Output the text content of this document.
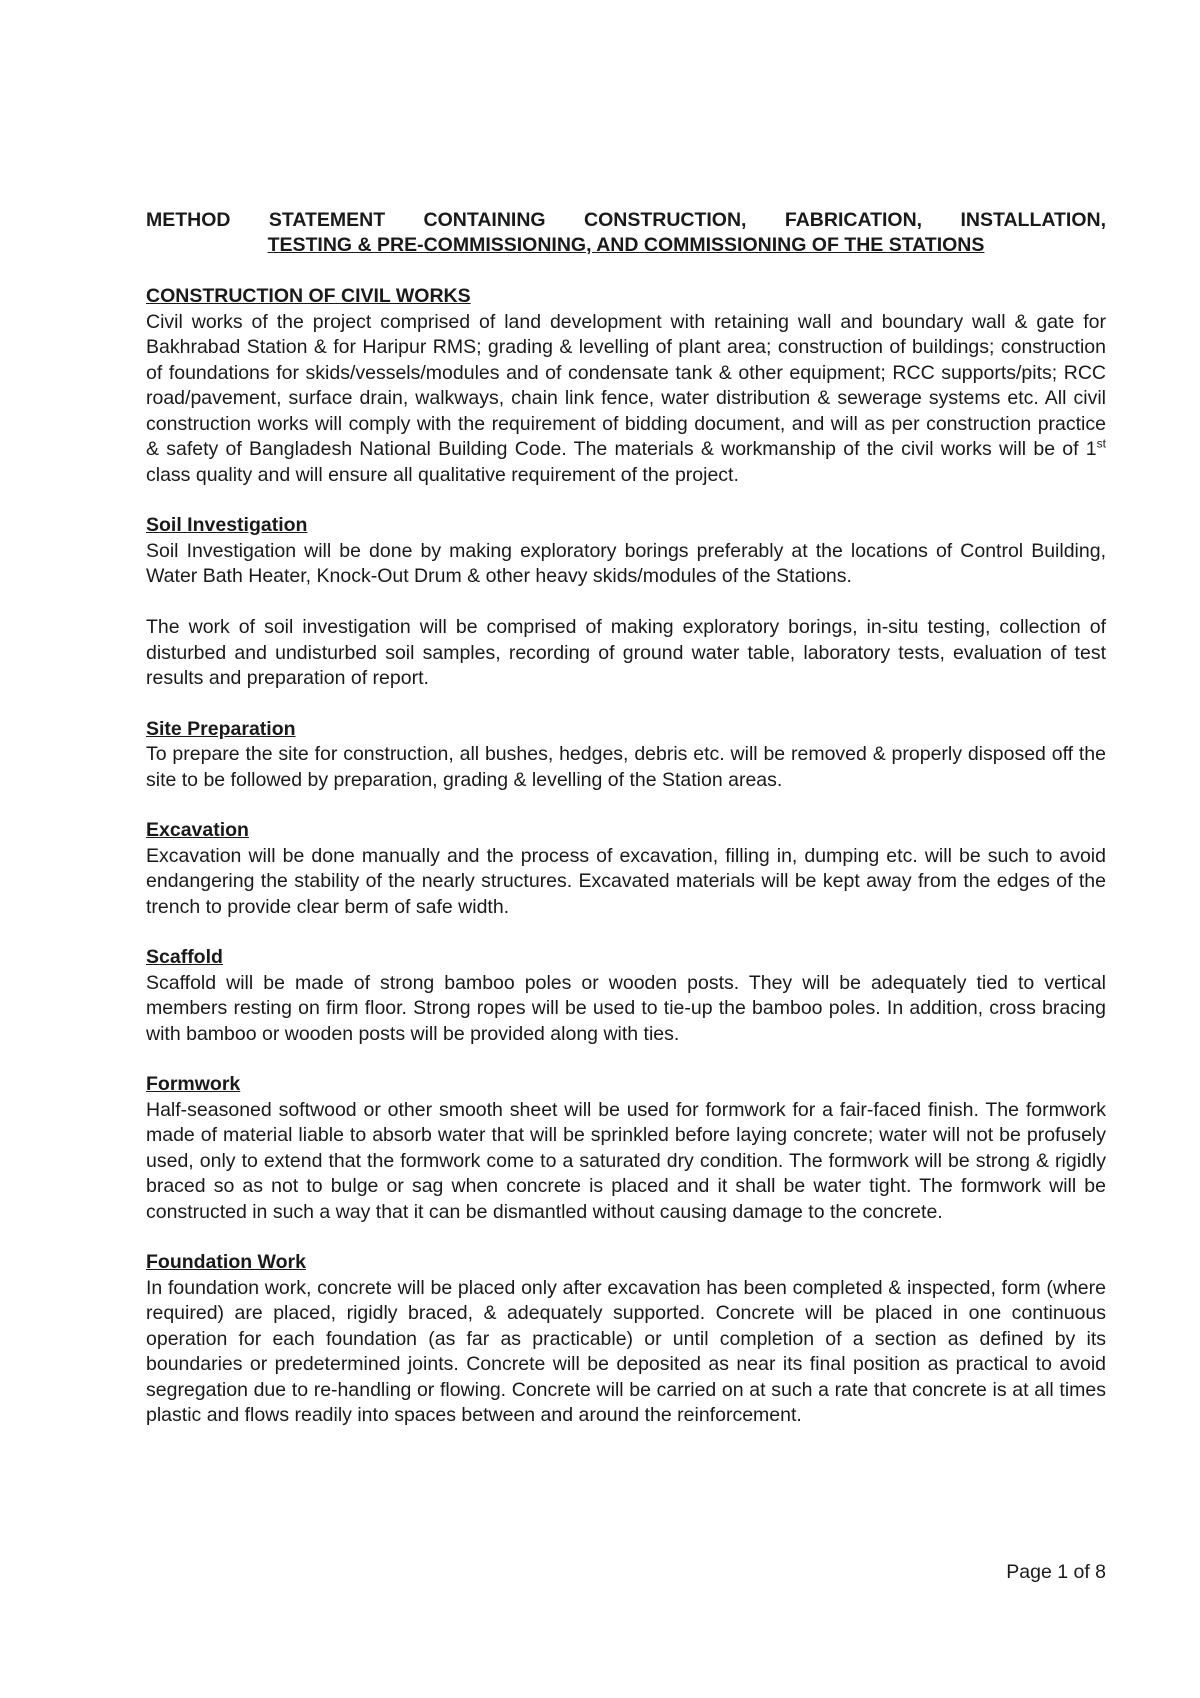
METHOD STATEMENT CONTAINING CONSTRUCTION, FABRICATION, INSTALLATION,

TESTING & PRE-COMMISSIONING, AND COMMISSIONING OF THE STATIONS

CONSTRUCTION OF CIVIL WORKS

Civil works of the project comprised of land development with retaining wall and boundary wall & gate for Bakhrabad Station & for Haripur RMS; grading & levelling of plant area; construction of buildings; construction of foundations for skids/vessels/modules and of condensate tank & other equipment; RCC supports/pits; RCC road/pavement, surface drain, walkways, chain link fence, water distribution & sewerage systems etc. All civil construction works will comply with the requirement of bidding document, and will as per construction practice & safety of Bangladesh National Building Code. The materials & workmanship of the civil works will be of 1st class quality and will ensure all qualitative requirement of the project.

Soil Investigation

Soil Investigation will be done by making exploratory borings preferably at the locations of Control Building, Water Bath Heater, Knock-Out Drum & other heavy skids/modules of the Stations.

The work of soil investigation will be comprised of making exploratory borings, in-situ testing, collection of disturbed and undisturbed soil samples, recording of ground water table, laboratory tests, evaluation of test results and preparation of report.

Site Preparation

To prepare the site for construction, all bushes, hedges, debris etc. will be removed & properly disposed off the site to be followed by preparation, grading & levelling of the Station areas.

Excavation

Excavation will be done manually and the process of excavation, filling in, dumping etc. will be such to avoid endangering the stability of the nearly structures. Excavated materials will be kept away from the edges of the trench to provide clear berm of safe width.

Scaffold

Scaffold will be made of strong bamboo poles or wooden posts. They will be adequately tied to vertical members resting on firm floor. Strong ropes will be used to tie-up the bamboo poles. In addition, cross bracing with bamboo or wooden posts will be provided along with ties.

Formwork

Half-seasoned softwood or other smooth sheet will be used for formwork for a fair-faced finish. The formwork made of material liable to absorb water that will be sprinkled before laying concrete; water will not be profusely used, only to extend that the formwork come to a saturated dry condition. The formwork will be strong & rigidly braced so as not to bulge or sag when concrete is placed and it shall be water tight. The formwork will be constructed in such a way that it can be dismantled without causing damage to the concrete.

Foundation Work

In foundation work, concrete will be placed only after excavation has been completed & inspected, form (where required) are placed, rigidly braced, & adequately supported. Concrete will be placed in one continuous operation for each foundation (as far as practicable) or until completion of a section as defined by its boundaries or predetermined joints. Concrete will be deposited as near its final position as practical to avoid segregation due to re-handling or flowing. Concrete will be carried on at such a rate that concrete is at all times plastic and flows readily into spaces between and around the reinforcement.

Page 1 of 8
